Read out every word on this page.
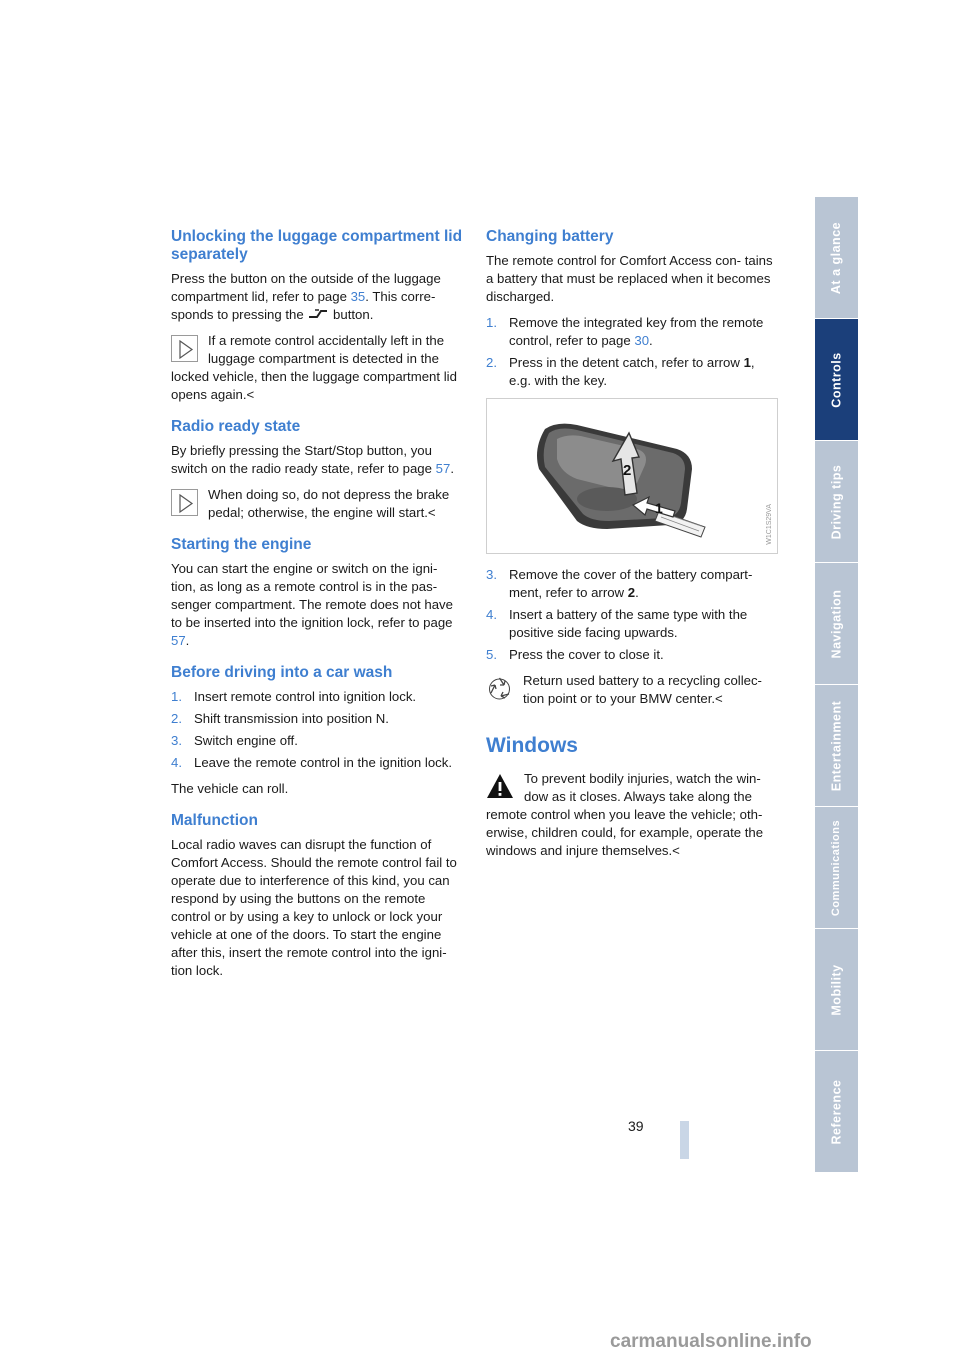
Unlocking the luggage compartment lid separately

Press the button on the outside of the luggage compartment lid, refer to page 35. This corre- sponds to pressing the  button.

If a remote control accidentally left in the luggage compartment is detected in the locked vehicle, then the luggage compartment lid opens again.<
Radio ready state

By briefly pressing the Start/Stop button, you switch on the radio ready state, refer to page 57.

When doing so, do not depress the brake pedal; otherwise, the engine will start.<
Starting the engine

You can start the engine or switch on the igni- tion, as long as a remote control is in the pas- senger compartment. The remote does not have to be inserted into the ignition lock, refer to page 57.

Before driving into a car wash
1. Insert remote control into ignition lock.
2. Shift transmission into position N.
3. Switch engine off.
4. Leave the remote control in the ignition lock.

The vehicle can roll.

Malfunction

Local radio waves can disrupt the function of Comfort Access. Should the remote control fail to operate due to interference of this kind, you can respond by using the buttons on the remote control or by using a key to unlock or lock your vehicle at one of the doors. To start the engine after this, insert the remote control into the igni- tion lock.

Changing battery

The remote control for Comfort Access con- tains a battery that must be replaced when it becomes discharged.

1. Remove the integrated key from the remote control, refer to page 30.
2. Press in the detent catch, refer to arrow 1, e.g. with the key.
2
1	W1C1S29VA
3. Remove the cover of the battery compart- ment, refer to arrow 2.
4. Insert a battery of the same type with the positive side facing upwards.
5. Press the cover to close it.
Return used battery to a recycling collec- tion point or to your BMW center.<
Windows
To prevent bodily injuries, watch the win- dow as it closes. Always take along the remote control when you leave the vehicle; oth- erwise, children could, for example, operate the windows and injure themselves.<
At a glance
Controls
Driving tips
Navigation
Entertainment
Communications
Mobility
Reference
39
carmanualsonline.info
